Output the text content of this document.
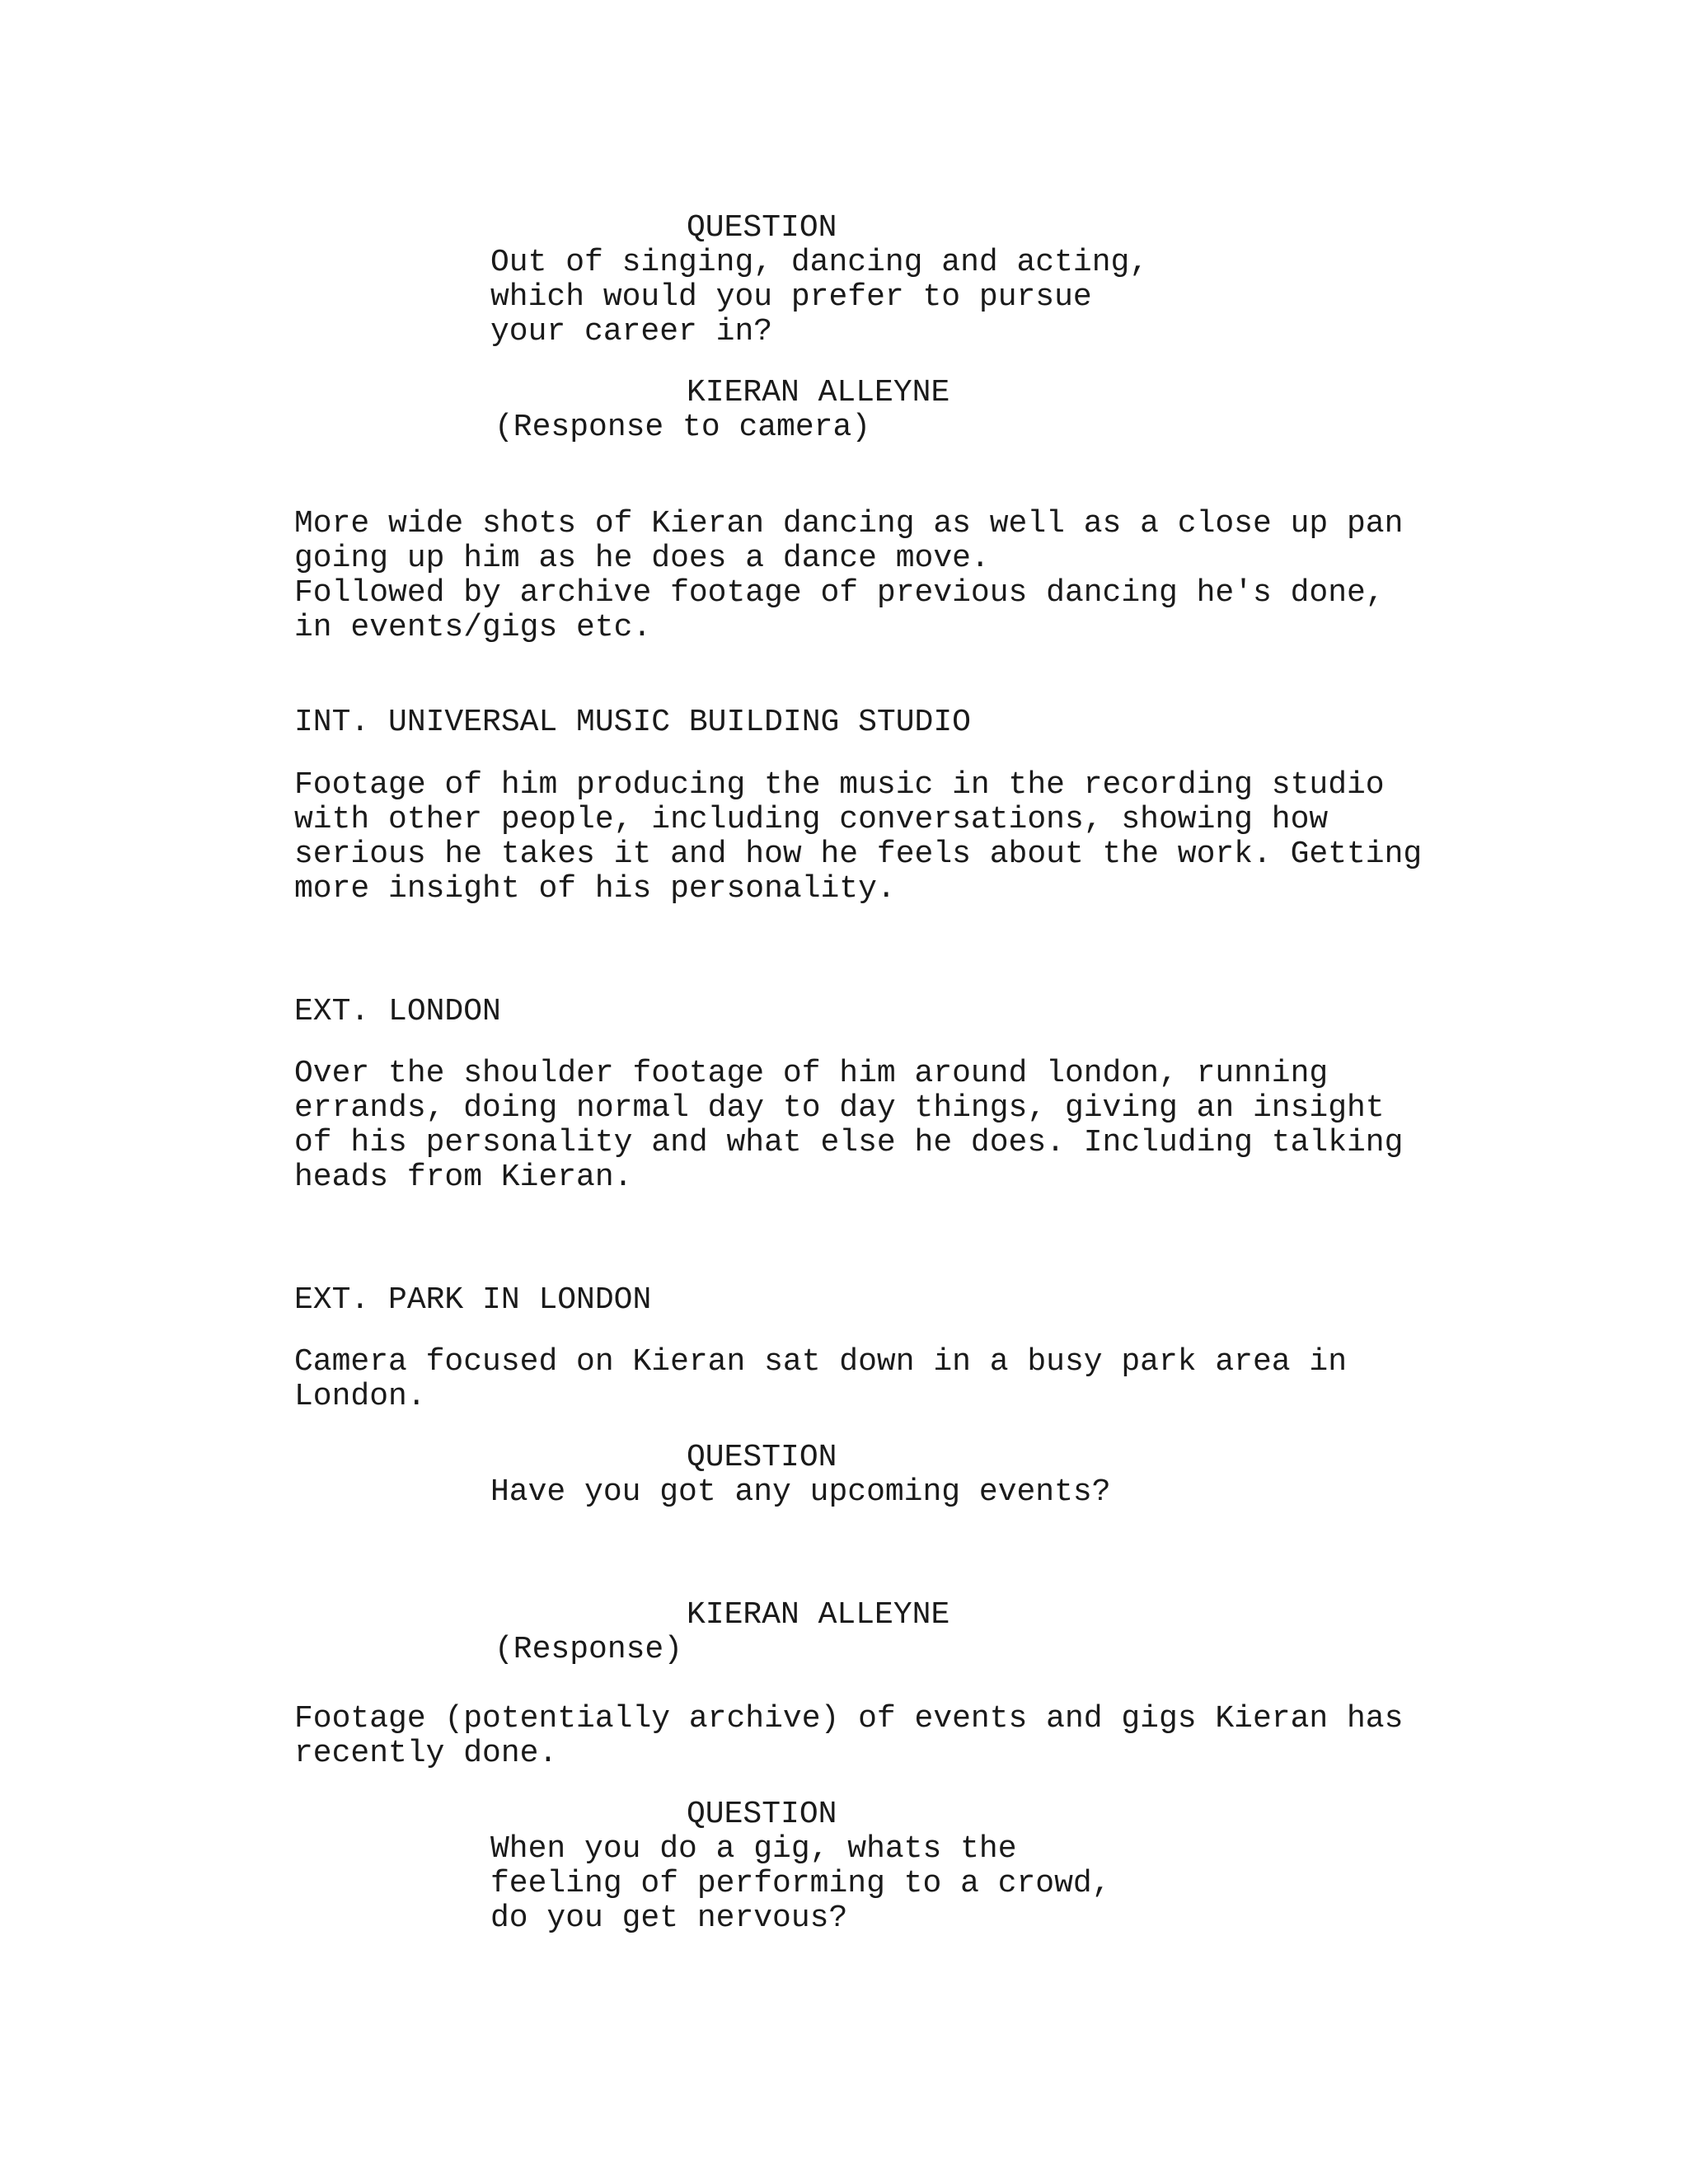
QUESTION

Out of singing, dancing and acting,

which would you prefer to pursue

your career in?

KIERAN ALLEYNE

(Response to camera)

More wide shots of Kieran dancing as well as a close up pan

going up him as he does a dance move.

Followed by archive footage of previous dancing he's done,

in events/gigs etc.

INT. UNIVERSAL MUSIC BUILDING STUDIO

Footage of him producing the music in the recording studio

with other people, including conversations, showing how

serious he takes it and how he feels about the work. Getting

more insight of his personality.

EXT. LONDON

Over the shoulder footage of him around london, running

errands, doing normal day to day things, giving an insight

of his personality and what else he does. Including talking

heads from Kieran.

EXT. PARK IN LONDON

Camera focused on Kieran sat down in a busy park area in

London.

QUESTION

Have you got any upcoming events?

KIERAN ALLEYNE

(Response)

Footage (potentially archive) of events and gigs Kieran has

recently done.

QUESTION

When you do a gig, whats the

feeling of performing to a crowd,

do you get nervous?
